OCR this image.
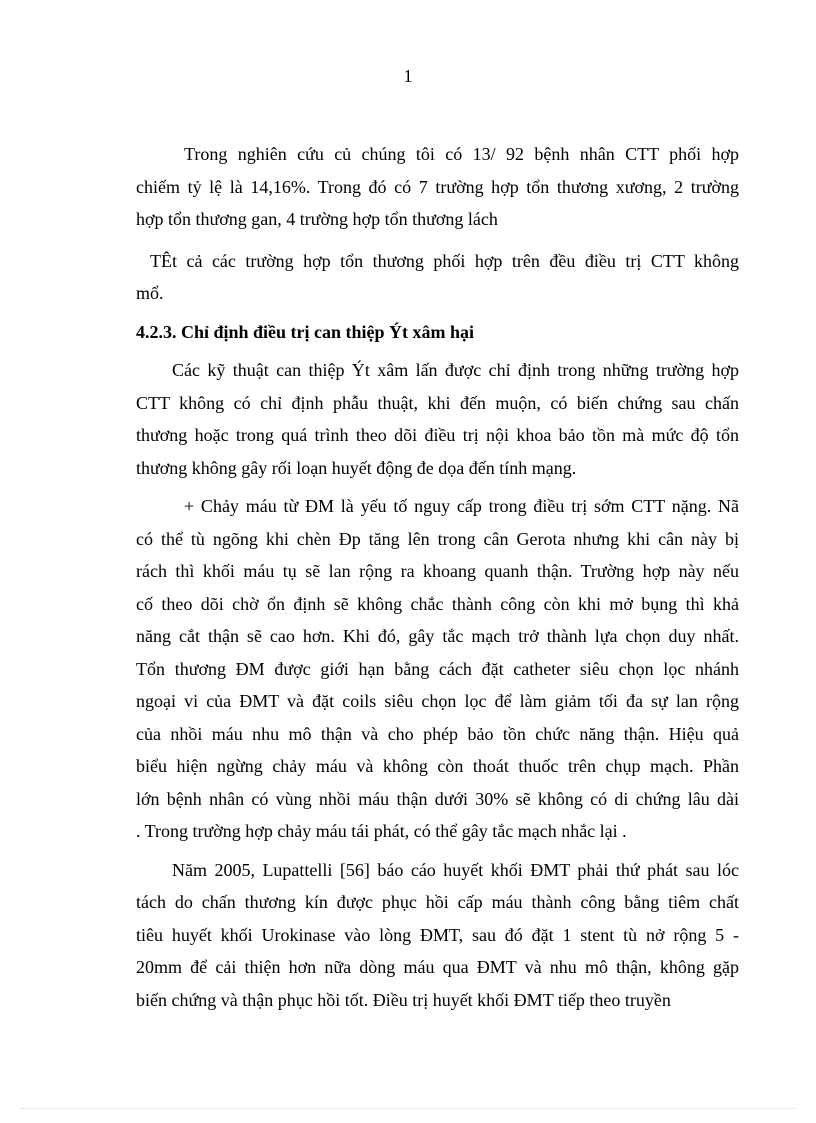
1
Trong nghiên cứu củ chúng tôi có 13/ 92 bệnh nhân CTT phối hợp
chiếm tỷ lệ là 14,16%. Trong đó có 7 trường hợp tổn thương xương, 2 trường
hợp tổn thương gan, 4 trường hợp tổn thương lách
TÊt cả các trường hợp tổn thương phối hợp trên đều điều trị CTT không
mổ.
4.2.3. Chỉ định điều trị can thiệp Ýt xâm hại
Các kỹ thuật can thiệp Ýt xâm lấn được chỉ định trong những trường hợp
CTT không có chỉ định phẫu thuật, khi đến muộn, có biến chứng sau chấn
thương hoặc trong quá trình theo dõi điều trị nội khoa bảo tồn mà mức độ tổn
thương không gây rối loạn huyết động đe dọa đến tính mạng.
+ Chảy máu từ ĐM là yếu tố nguy cấp trong điều trị sớm CTT nặng. Nã
có thể tù ngõng khi chèn Ðp tăng lên trong cân Gerota nhưng khi cân này bị
rách thì khối máu tụ sẽ lan rộng ra khoang quanh thận. Trường hợp này nếu
cố theo dõi chờ ổn định sẽ không chắc thành công còn khi mở bụng thì khả
năng cắt thận sẽ cao hơn. Khi đó, gây tắc mạch trở thành lựa chọn duy nhất.
Tổn thương ĐM được giới hạn bằng cách đặt catheter siêu chọn lọc nhánh
ngoại vi của ĐMT và đặt coils siêu chọn lọc để làm giảm tối đa sự lan rộng
của nhồi máu nhu mô thận và cho phép bảo tồn chức năng thận. Hiệu quả
biểu hiện ngừng chảy máu và không còn thoát thuốc trên chụp mạch. Phần
lớn bệnh nhân có vùng nhồi máu thận dưới 30% sẽ không có di chứng lâu dài
. Trong trường hợp chảy máu tái phát, có thể gây tắc mạch nhắc lại .
Năm 2005, Lupattelli [56] báo cáo huyết khối ĐMT phải thứ phát sau lóc
tách do chấn thương kín được phục hồi cấp máu thành công bằng tiêm chất
tiêu huyết khối Urokinase vào lòng ĐMT, sau đó đặt 1 stent tù nở rộng 5 -
20mm để cải thiện hơn nữa dòng máu qua ĐMT và nhu mô thận, không gặp
biến chứng và thận phục hồi tốt. Điều trị huyết khối ĐMT tiếp theo truyền
